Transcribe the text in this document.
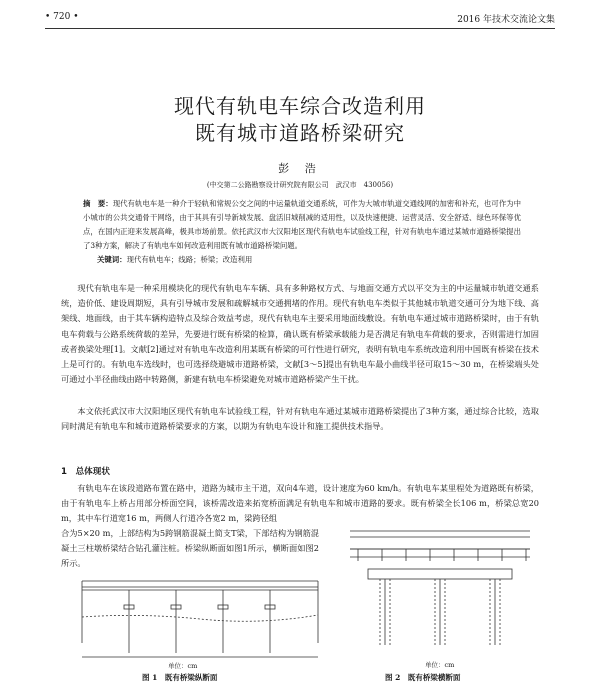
• 720 •	2016 年技术交流论文集
现代有轨电车综合改造利用
既有城市道路桥梁研究
彭 浩
(中交第二公路勘察设计研究院有限公司　武汉市　430056)
摘　要：现代有轨电车是一种介于轻轨和常规公交之间的中运量轨道交通系统，可作为大城市轨道交通线网的加密和补充，也可作为中小城市的公共交通骨干网络，由于其具有引导新城发展、盘活旧城削减的适用性，以及快速便捷、运营灵活、安全舒适、绿色环保等优点，在国内正迎来发展高峰，极具市场前景。依托武汉市大汉阳地区现代有轨电车试验线工程，针对有轨电车通过某城市道路桥梁提出了3种方案，解决了有轨电车如何改造利用既有城市道路桥梁问题。
关键词：现代有轨电车；线路；桥梁；改造利用
现代有轨电车是一种采用模块化的现代有轨电车车辆、具有多种路权方式、与地面交通方式以平交为主的中运量城市轨道交通系统，造价低、建设周期短，具有引导城市发展和疏解城市交通拥堵的作用。现代有轨电车类似于其他城市轨道交通可分为地下线、高架线、地面线，由于其车辆构造特点及综合效益考虑，现代有轨电车主要采用地面线敷设。有轨电车通过城市道路桥梁时，由于有轨电车荷载与公路系统荷载的差异，先要进行既有桥梁的检算，确认既有桥梁承载能力是否满足有轨电车荷载的要求，否则需进行加固或者换梁处理[1]。文献[2]通过对有轨电车改造利用某既有桥梁的可行性进行研究，表明有轨电车系统改造利用中国既有桥梁在技术上是可行的。有轨电车选线时，也可选择绕避城市道路桥梁，文献[3～5]提出有轨电车最小曲线半径可取15～30 m，在桥梁端头处可通过小半径曲线由路中转路侧，新建有轨电车桥梁避免对城市道路桥梁产生干扰。
本文依托武汉市大汉阳地区现代有轨电车试验线工程，针对有轨电车通过某城市道路桥梁提出了3种方案，通过综合比较，选取同时满足有轨电车和城市道路桥梁要求的方案，以期为有轨电车设计和施工提供技术指导。
1　总体现状
有轨电车在该段道路布置在路中，道路为城市主干道，双向4车道，设计速度为60 km/h。有轨电车某里程处为道路既有桥梁，由于有轨电车上桥占用部分桥面空间，该桥需改造来拓宽桥面满足有轨电车和城市道路的要求。既有桥梁全长106 m，桥梁总宽20 m，其中车行道宽16 m，两侧人行道冷各宽2 m，梁跨径组
合为5×20 m，上部结构为5跨钢筋混凝土简支T梁，下部结构为钢筋混凝土三柱墩桥梁结合钻孔灌注桩。桥梁纵断面如图1所示，横断面如图2所示。
单位：cm
图 1　既有桥梁纵断面
单位：cm
图 2　既有桥梁横断面
